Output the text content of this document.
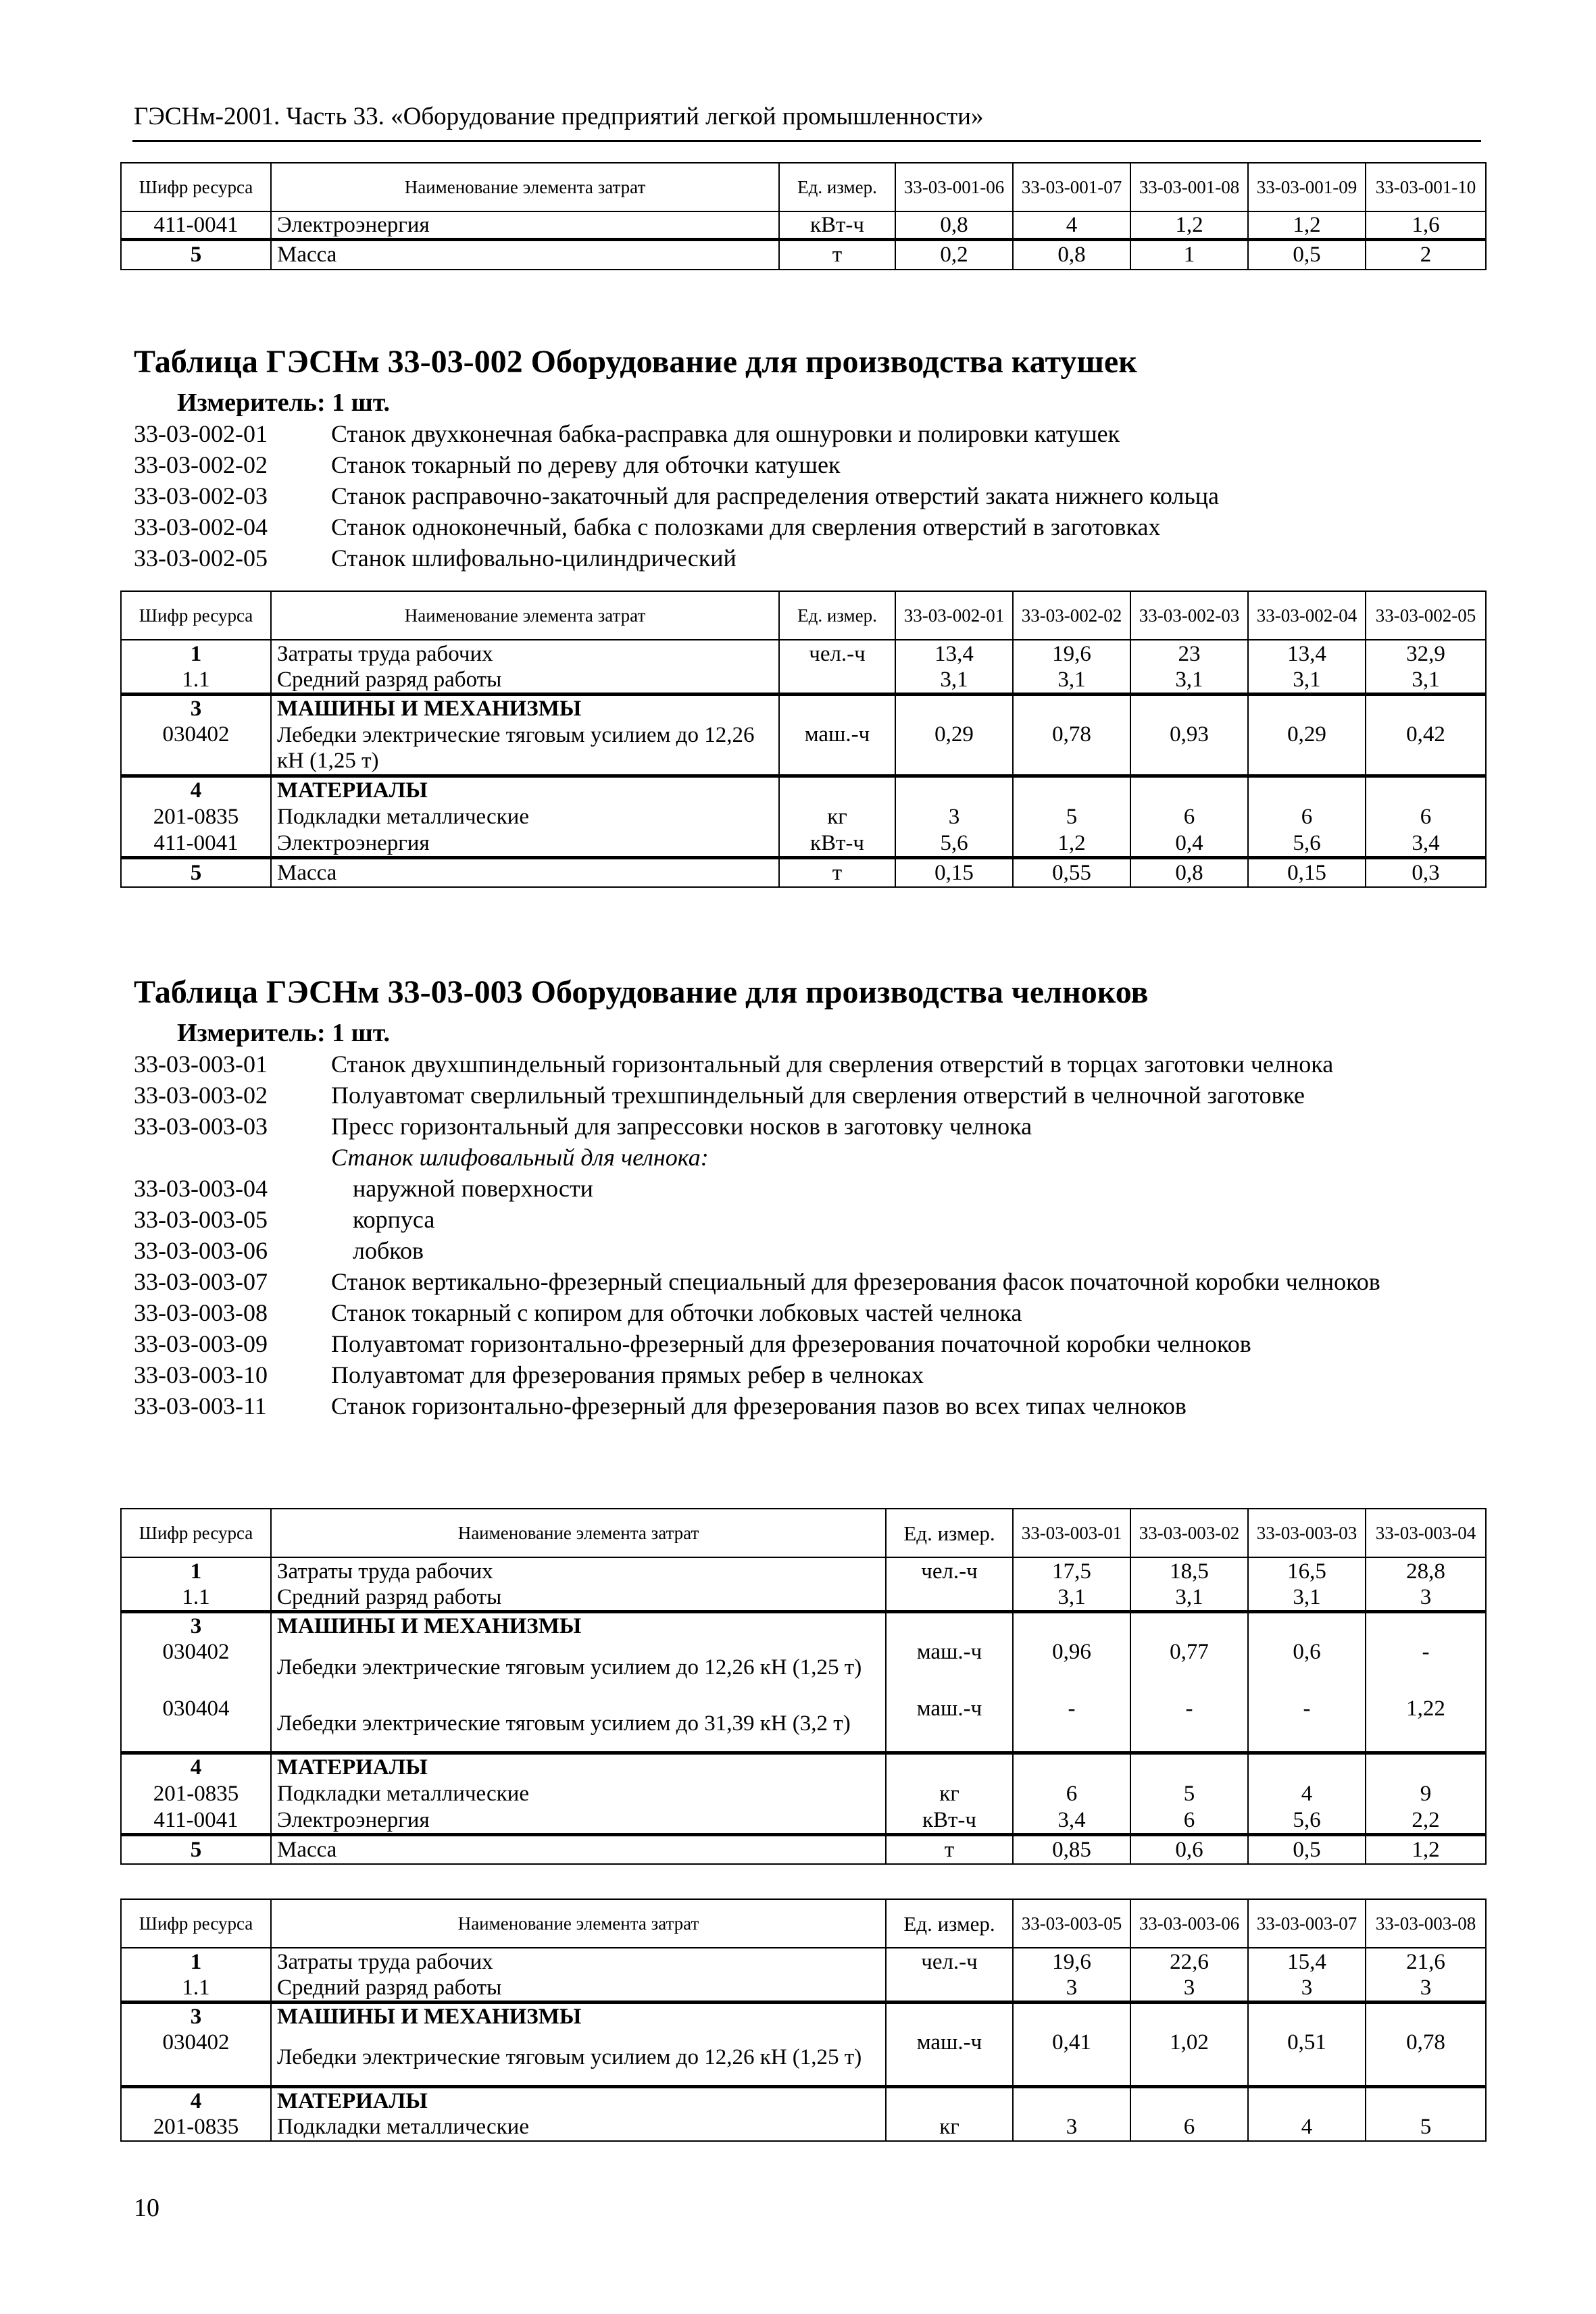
ГЭСНм-2001. Часть 33. «Оборудование предприятий легкой промышленности»
Шифр ресурса	Наименование элемента затрат	Ед. измер.	33-03-001-06	33-03-001-07	33-03-001-08	33-03-001-09	33-03-001-10
411-0041	Электроэнергия	кВт-ч	0,8	4	1,2	1,2	1,6
5	Масса	т	0,2	0,8	1	0,5	2
Таблица ГЭСНм 33-03-002 Оборудование для производства катушек
Измеритель: 1 шт.
33-03-002-01	Станок двухконечная бабка-расправка для ошнуровки и полировки катушек
33-03-002-02	Станок токарный по дереву для обточки катушек
33-03-002-03	Станок расправочно-закаточный для распределения отверстий заката нижнего кольца
33-03-002-04	Станок одноконечный, бабка с полозками для сверления отверстий в заготовках
33-03-002-05	Станок шлифовально-цилиндрический
Шифр ресурса	Наименование элемента затрат	Ед. измер.	33-03-002-01	33-03-002-02	33-03-002-03	33-03-002-04	33-03-002-05
1	Затраты труда рабочих	чел.-ч	13,4	19,6	23	13,4	32,9
1.1	Средний разряд работы		3,1	3,1	3,1	3,1	3,1
3	МАШИНЫ И МЕХАНИЗМЫ						
030402	Лебедки электрические тяговым усилием до 12,26 кН (1,25 т)	маш.-ч	0,29	0,78	0,93	0,29	0,42
4	МАТЕРИАЛЫ						
201-0835	Подкладки металлические	кг	3	5	6	6	6
411-0041	Электроэнергия	кВт-ч	5,6	1,2	0,4	5,6	3,4
5	Масса	т	0,15	0,55	0,8	0,15	0,3
Таблица ГЭСНм 33-03-003 Оборудование для производства челноков
Измеритель: 1 шт.
33-03-003-01	Станок двухшпиндельный горизонтальный для сверления отверстий в торцах заготовки челнока
33-03-003-02	Полуавтомат сверлильный трехшпиндельный для сверления отверстий в челночной заготовке
33-03-003-03	Пресс горизонтальный для запрессовки носков в заготовку челнока
Станок шлифовальный для челнока:
33-03-003-04	наружной поверхности
33-03-003-05	корпуса
33-03-003-06	лобков
33-03-003-07	Станок вертикально-фрезерный специальный для фрезерования фасок початочной коробки челноков
33-03-003-08	Станок токарный с копиром для обточки лобковых частей челнока
33-03-003-09	Полуавтомат горизонтально-фрезерный для фрезерования початочной коробки челноков
33-03-003-10	Полуавтомат для фрезерования прямых ребер в челноках
33-03-003-11	Станок горизонтально-фрезерный для фрезерования пазов во всех типах челноков
Шифр ресурса	Наименование элемента затрат	Ед. измер.	33-03-003-01	33-03-003-02	33-03-003-03	33-03-003-04
1	Затраты труда рабочих	чел.-ч	17,5	18,5	16,5	28,8
1.1	Средний разряд работы		3,1	3,1	3,1	3
3	МАШИНЫ И МЕХАНИЗМЫ					
030402	Лебедки электрические тяговым усилием до 12,26 кН (1,25 т)	маш.-ч	0,96	0,77	0,6	-
030404	Лебедки электрические тяговым усилием до 31,39 кН (3,2 т)	маш.-ч	-	-	-	1,22
4	МАТЕРИАЛЫ					
201-0835	Подкладки металлические	кг	6	5	4	9
411-0041	Электроэнергия	кВт-ч	3,4	6	5,6	2,2
5	Масса	т	0,85	0,6	0,5	1,2
Шифр ресурса	Наименование элемента затрат	Ед. измер.	33-03-003-05	33-03-003-06	33-03-003-07	33-03-003-08
1	Затраты труда рабочих	чел.-ч	19,6	22,6	15,4	21,6
1.1	Средний разряд работы		3	3	3	3
3	МАШИНЫ И МЕХАНИЗМЫ					
030402	Лебедки электрические тяговым усилием до 12,26 кН (1,25 т)	маш.-ч	0,41	1,02	0,51	0,78
4	МАТЕРИАЛЫ					
201-0835	Подкладки металлические	кг	3	6	4	5
10
